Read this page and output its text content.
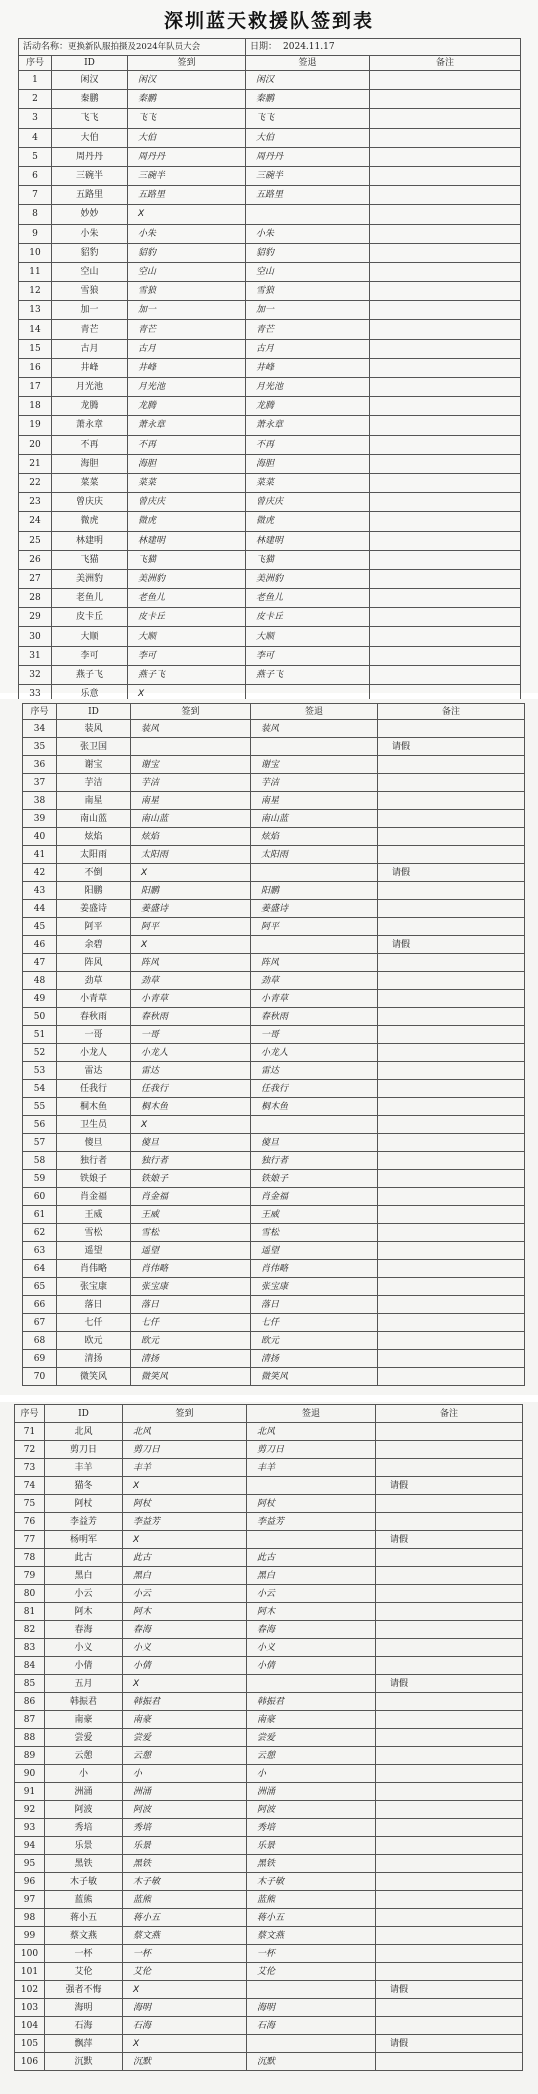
深圳蓝天救援队签到表
活动名称：更换新队服拍摄及2024年队员大会			日期： 2024.11.17	
序号	ID	签到	签退	备注
1	闲汉	闲汉	闲汉	
2	秦鹏	秦鹏	秦鹏	
3	飞飞	飞飞	飞飞	
4	大伯	大伯	大伯	
5	周丹丹	周丹丹	周丹丹	
6	三碗半	三碗半	三碗半	
7	五路里	五路里	五路里	
8	妙妙	X		
9	小朱	小朱	小朱	
10	貂豹	貂豹	貂豹	
11	空山	空山	空山	
12	雪狼	雪狼	雪狼	
13	加一	加一	加一	
14	青芒	青芒	青芒	
15	古月	古月	古月	
16	井峰	井峰	井峰	
17	月光池	月光池	月光池	
18	龙腾	龙腾	龙腾	
19	萧永章	萧永章	萧永章	
20	不再	不再	不再	
21	海胆	海胆	海胆	
22	菜菜	菜菜	菜菜	
23	曾庆庆	曾庆庆	曾庆庆	
24	微虎	微虎	微虎	
25	林建明	林建明	林建明	
26	飞猫	飞猫	飞猫	
27	美洲豹	美洲豹	美洲豹	
28	老鱼儿	老鱼儿	老鱼儿	
29	皮卡丘	皮卡丘	皮卡丘	
30	大顺	大顺	大顺	
31	李可	李可	李可	
32	燕子飞	燕子飞	燕子飞	
33	乐意	X		
序号	ID	签到	签退	备注
34	装风	装风	装风	
35	张卫国			请假
36	谢宝	谢宝	谢宝	
37	芋洁	芋洁	芋洁	
38	南星	南星	南星	
39	南山蓝	南山蓝	南山蓝	
40	炫焰	炫焰	炫焰	
41	太阳雨	太阳雨	太阳雨	
42	不倒	X		请假
43	阳鹏	阳鹏	阳鹏	
44	姜盛诗	姜盛诗	姜盛诗	
45	阿平	阿平	阿平	
46	余碧	X		请假
47	阵风	阵风	阵风	
48	劲草	劲草	劲草	
49	小青草	小青草	小青草	
50	春秋雨	春秋雨	春秋雨	
51	一哥	一哥	一哥	
52	小龙人	小龙人	小龙人	
53	雷达	雷达	雷达	
54	任我行	任我行	任我行	
55	桐木鱼	桐木鱼	桐木鱼	
56	卫生员	X		
57	傻旦	傻旦	傻旦	
58	独行者	独行者	独行者	
59	铁娘子	铁娘子	铁娘子	
60	肖金福	肖金福	肖金福	
61	王威	王威	王威	
62	雪松	雪松	雪松	
63	遥望	遥望	遥望	
64	肖伟略	肖伟略	肖伟略	
65	张宝康	张宝康	张宝康	
66	落日	落日	落日	
67	七仟	七仟	七仟	
68	欧元	欧元	欧元	
69	清扬	清扬	清扬	
70	微笑风	微笑风	微笑风	
序号	ID	签到	签退	备注
71	北风	北风	北风	
72	剪刀日	剪刀日	剪刀日	
73	丰羊	丰羊	丰羊	
74	猫冬	X		请假
75	阿杖	阿杖	阿杖	
76	李益芳	李益芳	李益芳	
77	杨明军	X		请假
78	此古	此古	此古	
79	黑白	黑白	黑白	
80	小云	小云	小云	
81	阿木	阿木	阿木	
82	春海	春海	春海	
83	小义	小义	小义	
84	小倩	小倩	小倩	
85	五月	X		请假
86	韩振君	韩振君	韩振君	
87	南豪	南豪	南豪	
88	尝爱	尝爱	尝爱	
89	云憩	云憩	云憩	
90	小	小	小	
91	洲涌	洲涌	洲涌	
92	阿波	阿波	阿波	
93	秀培	秀培	秀培	
94	乐景	乐景	乐景	
95	黑铁	黑铁	黑铁	
96	木子敏	木子敏	木子敏	
97	蓝熊	蓝熊	蓝熊	
98	蒋小五	蒋小五	蒋小五	
99	蔡文燕	蔡文燕	蔡文燕	
100	一杯	一杯	一杯	
101	艾伦	艾伦	艾伦	
102	强者不悔	X		请假
103	海明	海明	海明	
104	石海	石海	石海	
105	飘萍	X		请假
106	沉默	沉默	沉默	
